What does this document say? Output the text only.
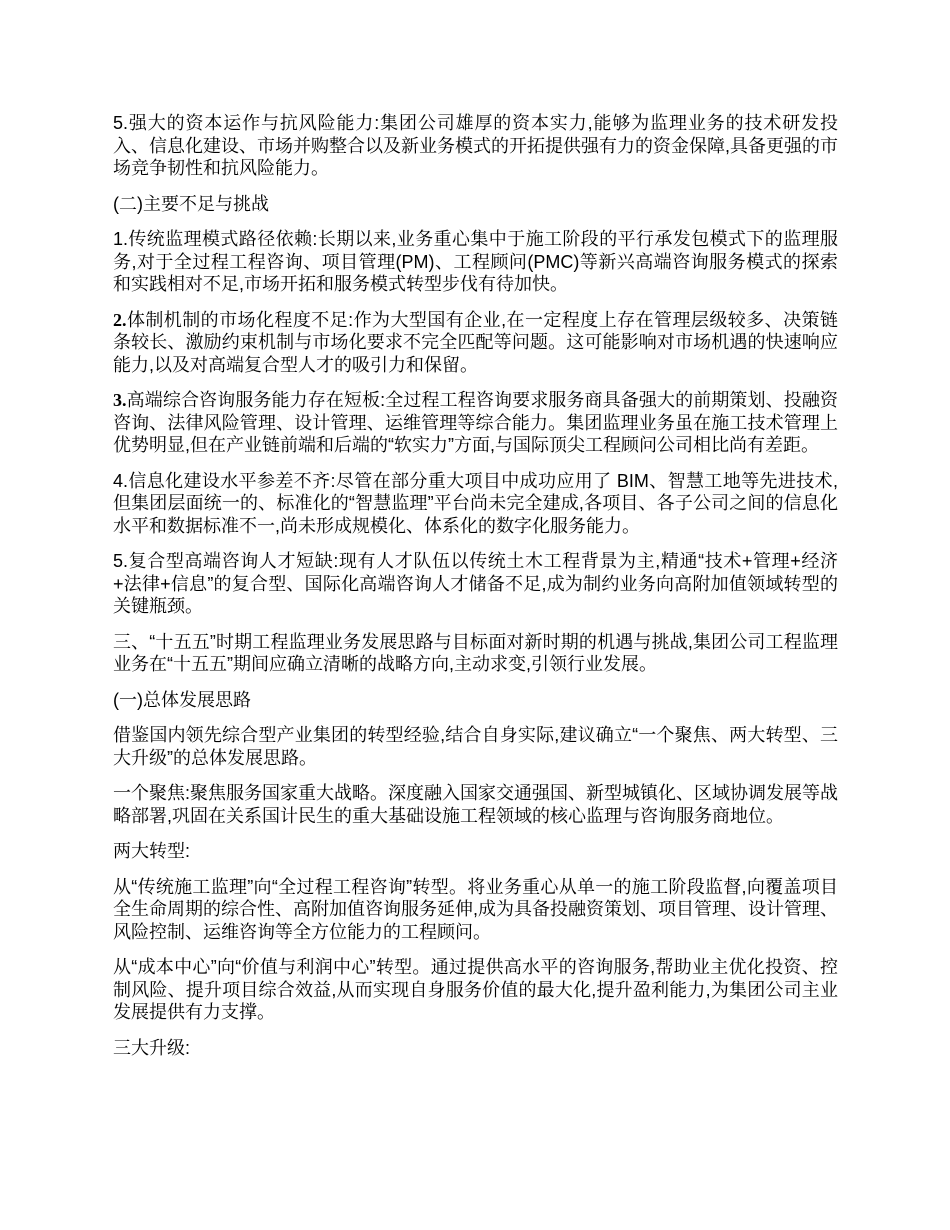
5.强大的资本运作与抗风险能力:集团公司雄厚的资本实力,能够为监理业务的技术研发投入、信息化建设、市场并购整合以及新业务模式的开拓提供强有力的资金保障,具备更强的市场竞争韧性和抗风险能力。

(二)主要不足与挑战

1.传统监理模式路径依赖:长期以来,业务重心集中于施工阶段的平行承发包模式下的监理服务,对于全过程工程咨询、项目管理(PM)、工程顾问(PMC)等新兴高端咨询服务模式的探索和实践相对不足,市场开拓和服务模式转型步伐有待加快。

2.体制机制的市场化程度不足:作为大型国有企业,在一定程度上存在管理层级较多、决策链条较长、激励约束机制与市场化要求不完全匹配等问题。这可能影响对市场机遇的快速响应能力,以及对高端复合型人才的吸引力和保留。

3.高端综合咨询服务能力存在短板:全过程工程咨询要求服务商具备强大的前期策划、投融资咨询、法律风险管理、设计管理、运维管理等综合能力。集团监理业务虽在施工技术管理上优势明显,但在产业链前端和后端的“软实力”方面,与国际顶尖工程顾问公司相比尚有差距。

4.信息化建设水平参差不齐:尽管在部分重大项目中成功应用了 BIM、智慧工地等先进技术,但集团层面统一的、标准化的“智慧监理”平台尚未完全建成,各项目、各子公司之间的信息化水平和数据标准不一,尚未形成规模化、体系化的数字化服务能力。

5.复合型高端咨询人才短缺:现有人才队伍以传统土木工程背景为主,精通“技术+管理+经济+法律+信息”的复合型、国际化高端咨询人才储备不足,成为制约业务向高附加值领域转型的关键瓶颈。

三、“十五五”时期工程监理业务发展思路与目标面对新时期的机遇与挑战,集团公司工程监理业务在“十五五”期间应确立清晰的战略方向,主动求变,引领行业发展。

(一)总体发展思路

借鉴国内领先综合型产业集团的转型经验,结合自身实际,建议确立“一个聚焦、两大转型、三大升级”的总体发展思路。

一个聚焦:聚焦服务国家重大战略。深度融入国家交通强国、新型城镇化、区域协调发展等战略部署,巩固在关系国计民生的重大基础设施工程领域的核心监理与咨询服务商地位。

两大转型:

从“传统施工监理”向“全过程工程咨询”转型。将业务重心从单一的施工阶段监督,向覆盖项目全生命周期的综合性、高附加值咨询服务延伸,成为具备投融资策划、项目管理、设计管理、风险控制、运维咨询等全方位能力的工程顾问。

从“成本中心”向“价值与利润中心”转型。通过提供高水平的咨询服务,帮助业主优化投资、控制风险、提升项目综合效益,从而实现自身服务价值的最大化,提升盈利能力,为集团公司主业发展提供有力支撑。

三大升级:
